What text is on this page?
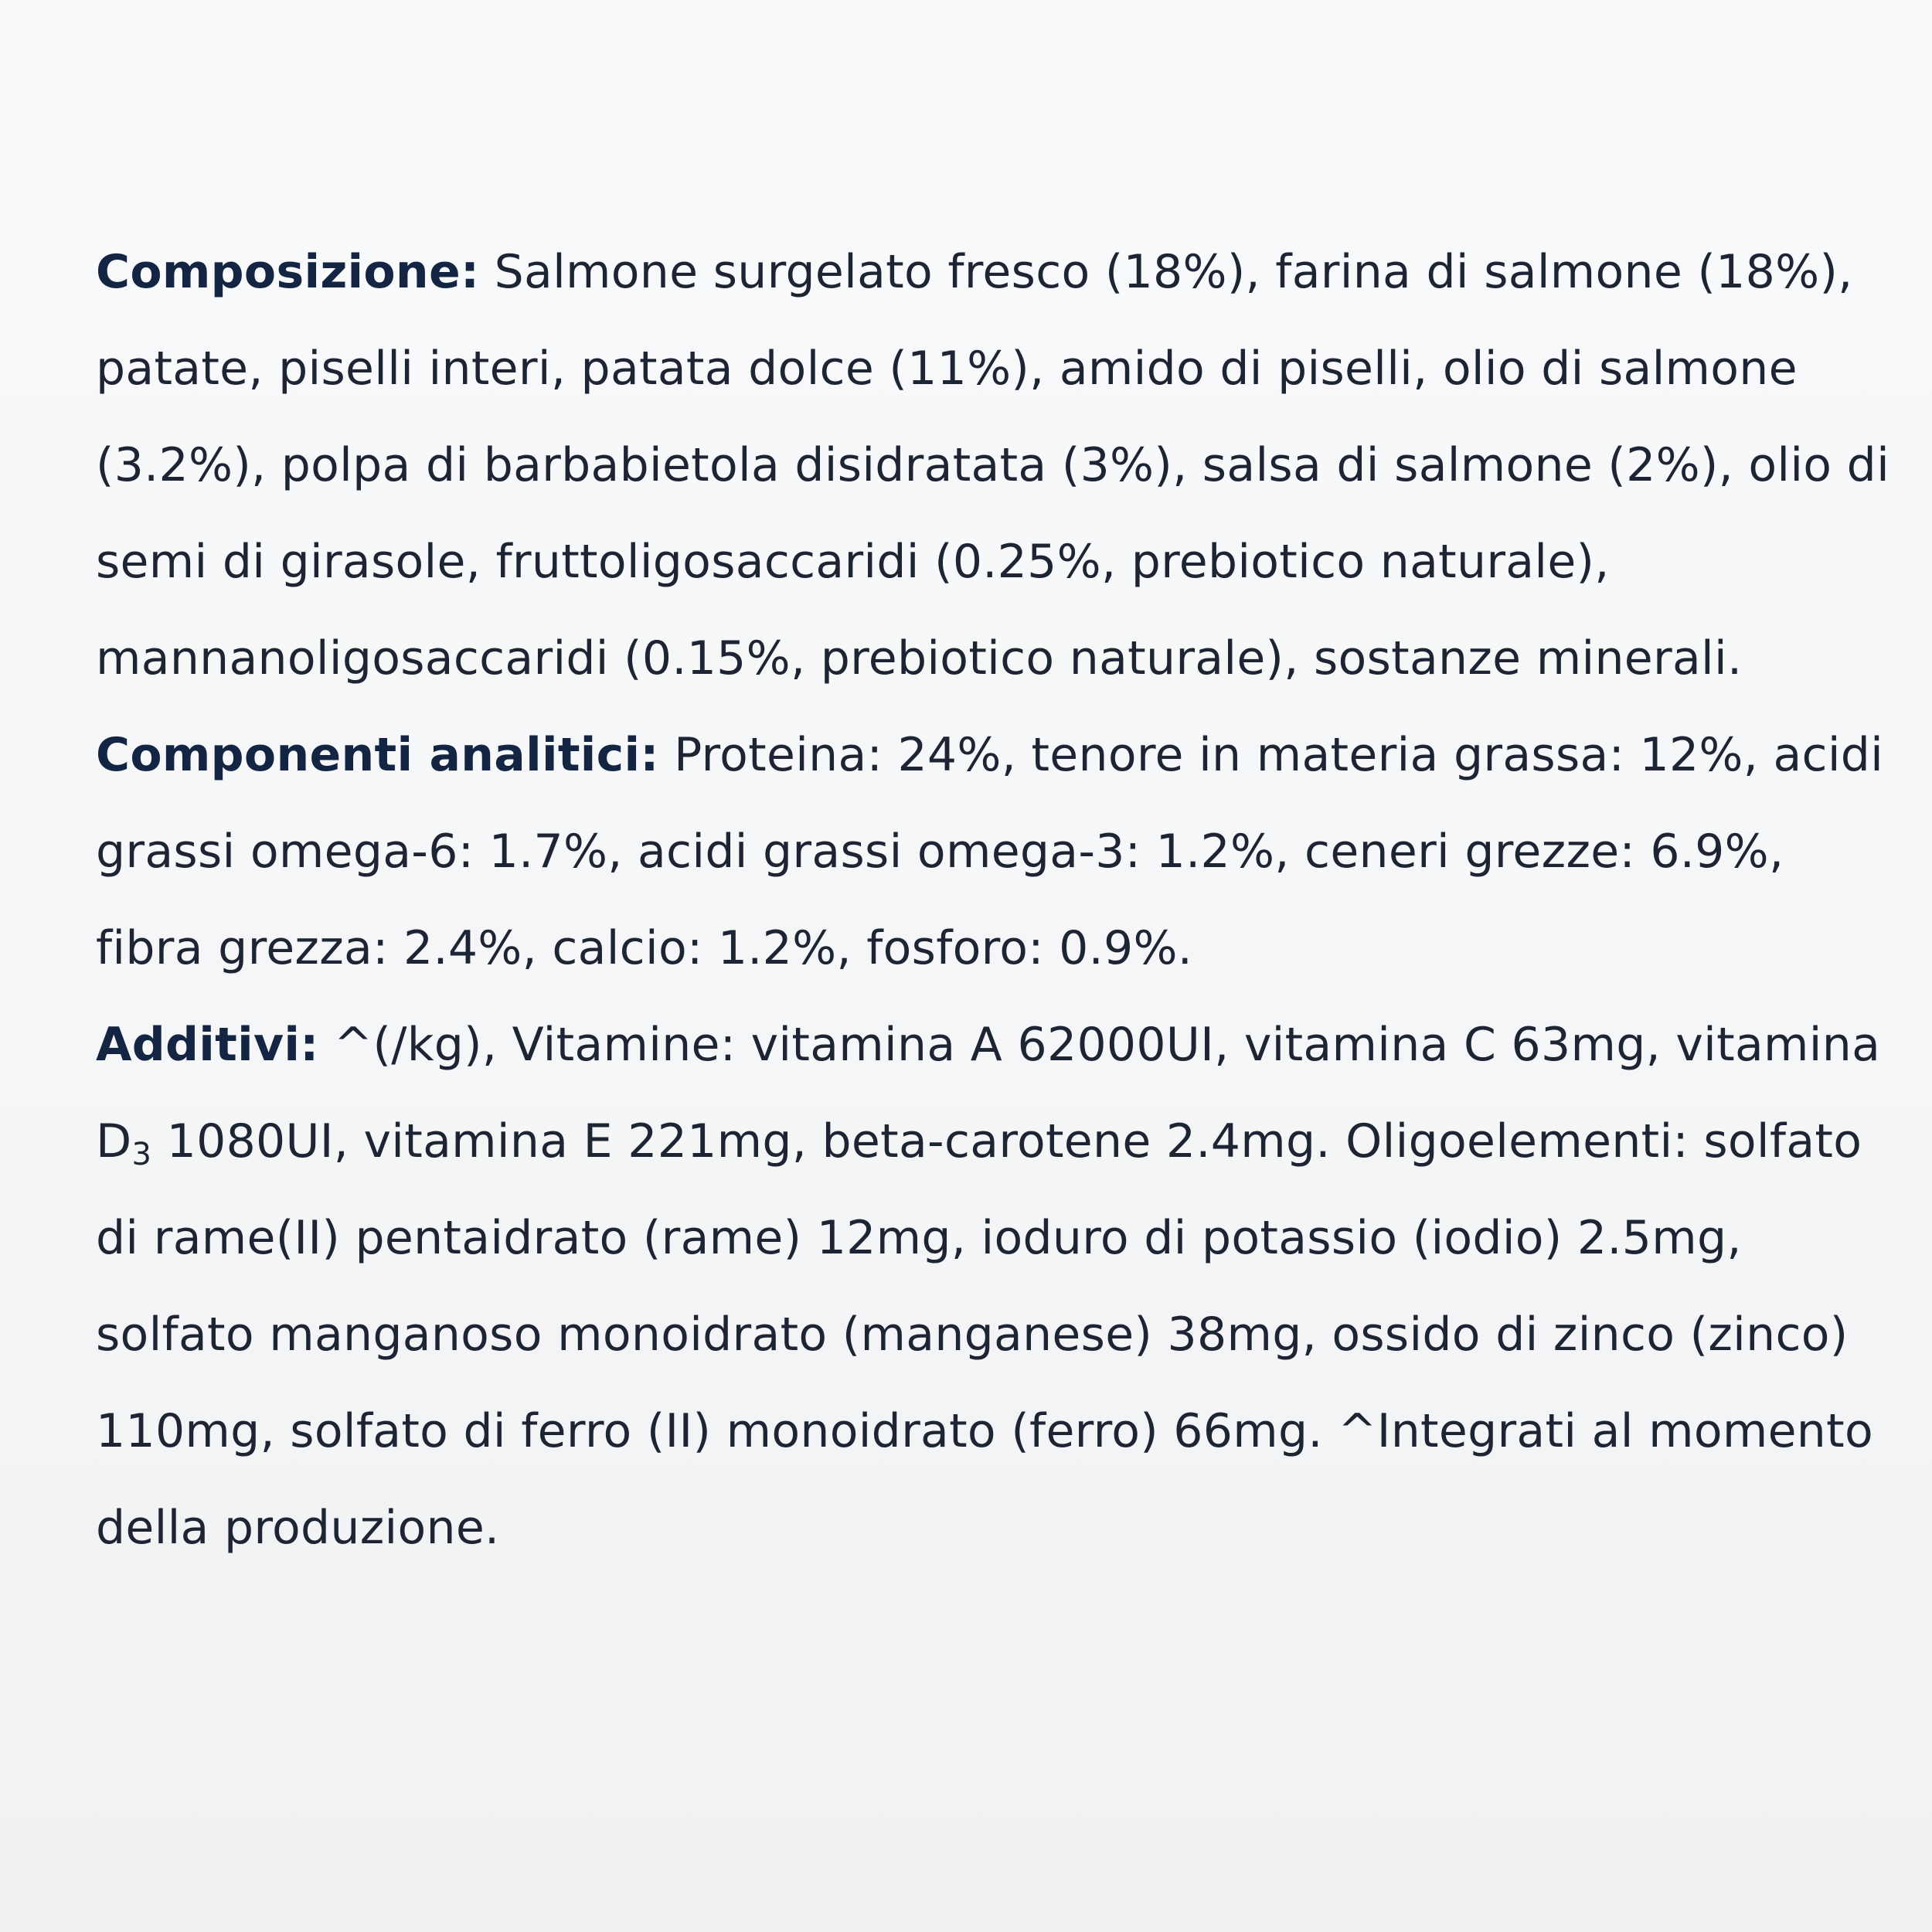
Composizione: Salmone surgelato fresco (18%), farina di salmone (18%), patate, piselli interi, patata dolce (11%), amido di piselli, olio di salmone (3.2%), polpa di barbabietola disidratata (3%), salsa di salmone (2%), olio di semi di girasole, fruttoligosaccaridi (0.25%, prebiotico naturale), mannanoligosaccaridi (0.15%, prebiotico naturale), sostanze minerali.

Componenti analitici: Proteina: 24%, tenore in materia grassa: 12%, acidi grassi omega-6: 1.7%, acidi grassi omega-3: 1.2%, ceneri grezze: 6.9%, fibra grezza: 2.4%, calcio: 1.2%, fosforo: 0.9%.

Additivi: ^(/kg), Vitamine: vitamina A 62000UI, vitamina C 63mg, vitamina $D_3$ 1080UI, vitamina E 221mg, beta-carotene 2.4mg. Oligoelementi: solfato di rame(II) pentaidrato (rame) 12mg, ioduro di potassio (iodio) 2.5mg, solfato manganoso monoidrato (manganese) 38mg, ossido di zinco (zinco) 110mg, solfato di ferro (II) monoidrato (ferro) 66mg. ^Integrati al momento della produzione.
